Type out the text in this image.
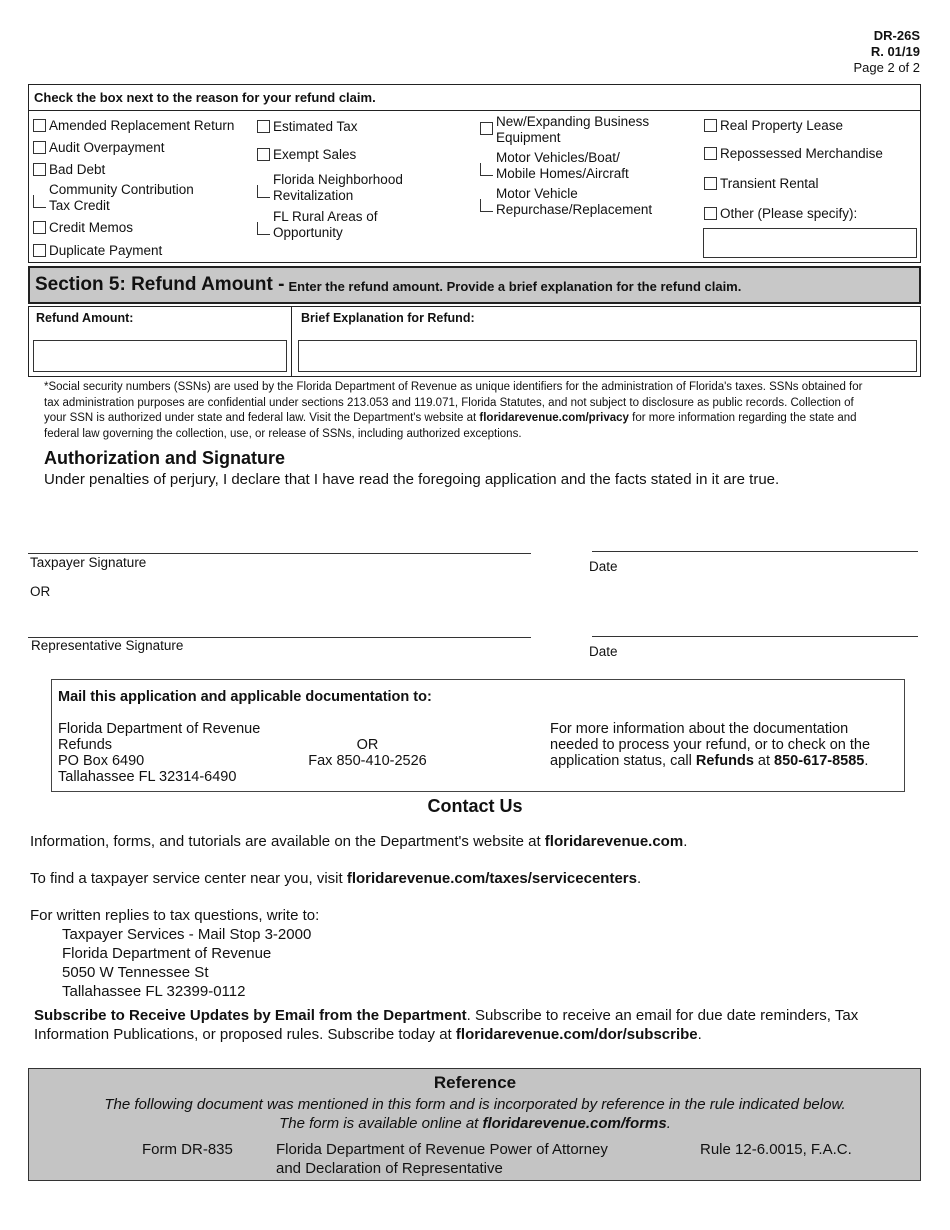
DR-26S
R. 01/19
Page 2 of 2
Check the box next to the reason for your refund claim.
Amended Replacement Return
Audit Overpayment
Bad Debt
Community Contribution
Tax Credit
Credit Memos
Duplicate Payment
Estimated Tax
Exempt Sales
Florida Neighborhood
Revitalization
FL Rural Areas of
Opportunity
New/Expanding Business
Equipment
Motor Vehicles/Boat/
Mobile Homes/Aircraft
Motor Vehicle
Repurchase/Replacement
Real Property Lease
Repossessed Merchandise
Transient Rental
Other (Please specify):
Section 5: Refund Amount - Enter the refund amount. Provide a brief explanation for the refund claim.
Refund Amount:	Brief Explanation for Refund:
*Social security numbers (SSNs) are used by the Florida Department of Revenue as unique identifiers for the administration of Florida's taxes. SSNs obtained for tax administration purposes are confidential under sections 213.053 and 119.071, Florida Statutes, and not subject to disclosure as public records. Collection of your SSN is authorized under state and federal law. Visit the Department's website at floridarevenue.com/privacy for more information regarding the state and federal law governing the collection, use, or release of SSNs, including authorized exceptions.
Authorization and Signature
Under penalties of perjury, I declare that I have read the foregoing application and the facts stated in it are true.
Taxpayer Signature	Date
OR
Representative Signature	Date
Mail this application and applicable documentation to:
Florida Department of Revenue
Refunds
PO Box 6490
Tallahassee FL 32314-6490
OR
Fax 850-410-2526
For more information about the documentation needed to process your refund, or to check on the application status, call Refunds at 850-617-8585.
Contact Us
Information, forms, and tutorials are available on the Department's website at floridarevenue.com.
To find a taxpayer service center near you, visit floridarevenue.com/taxes/servicecenters.
For written replies to tax questions, write to:
Taxpayer Services - Mail Stop 3-2000
Florida Department of Revenue
5050 W Tennessee St
Tallahassee FL 32399-0112
Subscribe to Receive Updates by Email from the Department. Subscribe to receive an email for due date reminders, Tax Information Publications, or proposed rules. Subscribe today at floridarevenue.com/dor/subscribe.
Reference
The following document was mentioned in this form and is incorporated by reference in the rule indicated below.
The form is available online at floridarevenue.com/forms.
Form DR-835	Florida Department of Revenue Power of Attorney
and Declaration of Representative
Rule 12-6.0015, F.A.C.
